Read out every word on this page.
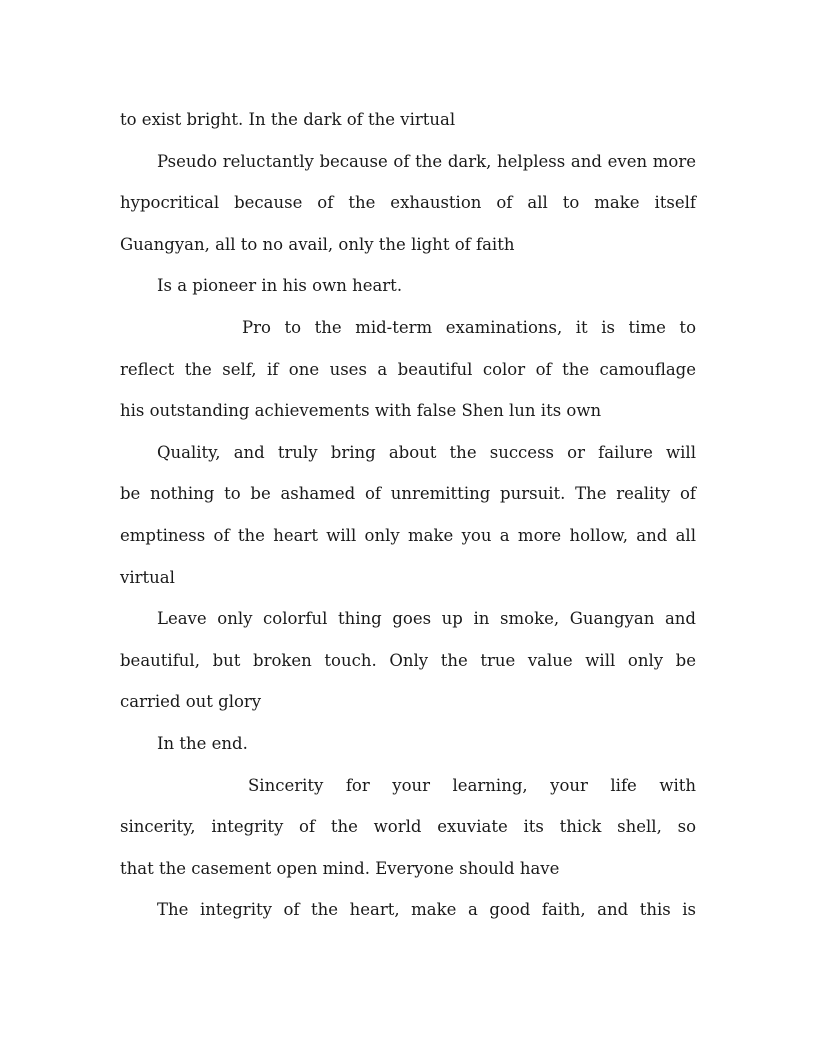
to exist bright. In the dark of the virtual
Pseudo reluctantly because of the dark, helpless and even more
hypocritical because of the exhaustion of all to make itself
Guangyan, all to no avail, only the light of faith
Is a pioneer in his own heart.
Pro to the mid-term examinations, it is time to
reflect the self, if one uses a beautiful color of the camouflage
his outstanding achievements with false Shen lun its own
Quality, and truly bring about the success or failure will
be nothing to be ashamed of unremitting pursuit. The reality of
emptiness of the heart will only make you a more hollow, and all
virtual
Leave only colorful thing goes up in smoke, Guangyan and
beautiful, but broken touch. Only the true value will only be
carried out glory
In the end.
Sincerity for your learning, your life with
sincerity, integrity of the world exuviate its thick shell, so
that the casement open mind. Everyone should have
The integrity of the heart, make a good faith, and this is
